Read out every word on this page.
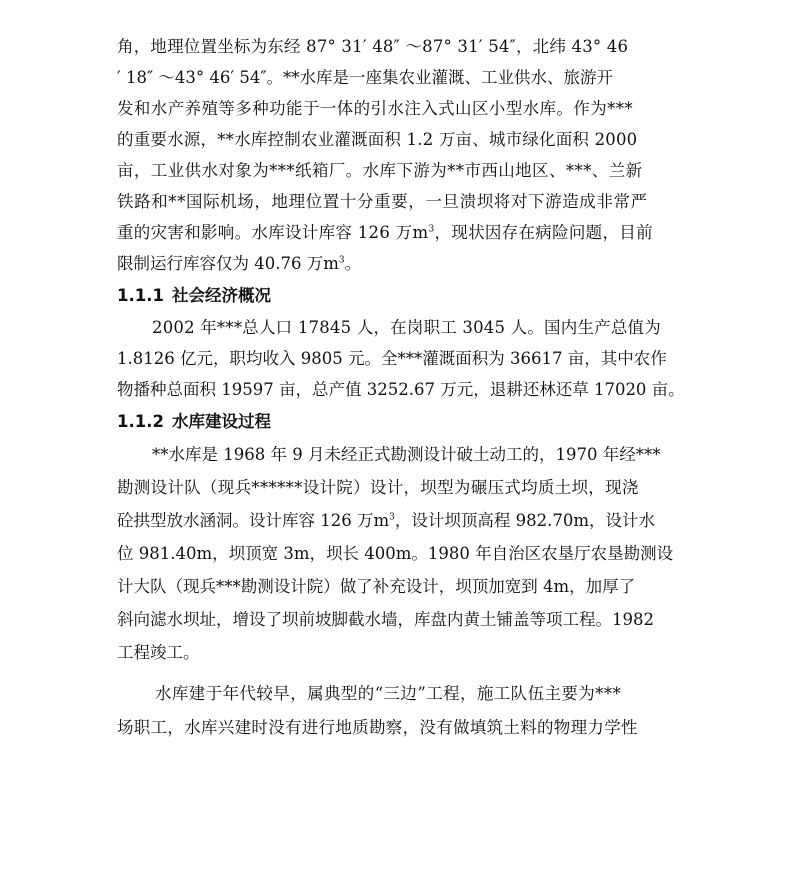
角，地理位置坐标为东经 87° 31′ 48″ ～87° 31′ 54″，北纬 43° 46

′ 18″ ～43° 46′ 54″。**水库是一座集农业灌溉、工业供水、旅游开

发和水产养殖等多种功能于一体的引水注入式山区小型水库。作为***

的重要水源，**水库控制农业灌溉面积 1.2 万亩、城市绿化面积 2000

亩，工业供水对象为***纸箱厂。水库下游为**市西山地区、***、兰新

铁路和**国际机场，地理位置十分重要，一旦溃坝将对下游造成非常严

重的灾害和影响。水库设计库容 126 万$m^3$，现状因存在病险问题，目前

限制运行库容仅为 40.76 万$m^3$。

1.1.1 社会经济概况

2002 年***总人口 17845 人，在岗职工 3045 人。国内生产总值为

1.8126 亿元，职均收入 9805 元。全***灌溉面积为 36617 亩，其中农作

物播种总面积 19597 亩，总产值 3252.67 万元，退耕还林还草 17020 亩。

1.1.2 水库建设过程

**水库是 1968 年 9 月未经正式勘测设计破土动工的，1970 年经***

勘测设计队（现兵******设计院）设计，坝型为碾压式均质土坝，现浇

砼拱型放水涵洞。设计库容 126 万$m^3$，设计坝顶高程 982.70m，设计水

位 981.40m，坝顶宽 3m，坝长 400m。1980 年自治区农垦厅农垦勘测设

计大队（现兵***勘测设计院）做了补充设计，坝顶加宽到 4m，加厚了

斜向滤水坝址，增设了坝前坡脚截水墙，库盘内黄土铺盖等项工程。1982

工程竣工。

水库建于年代较早，属典型的“三边”工程，施工队伍主要为***

场职工，水库兴建时没有进行地质勘察，没有做填筑土料的物理力学性
